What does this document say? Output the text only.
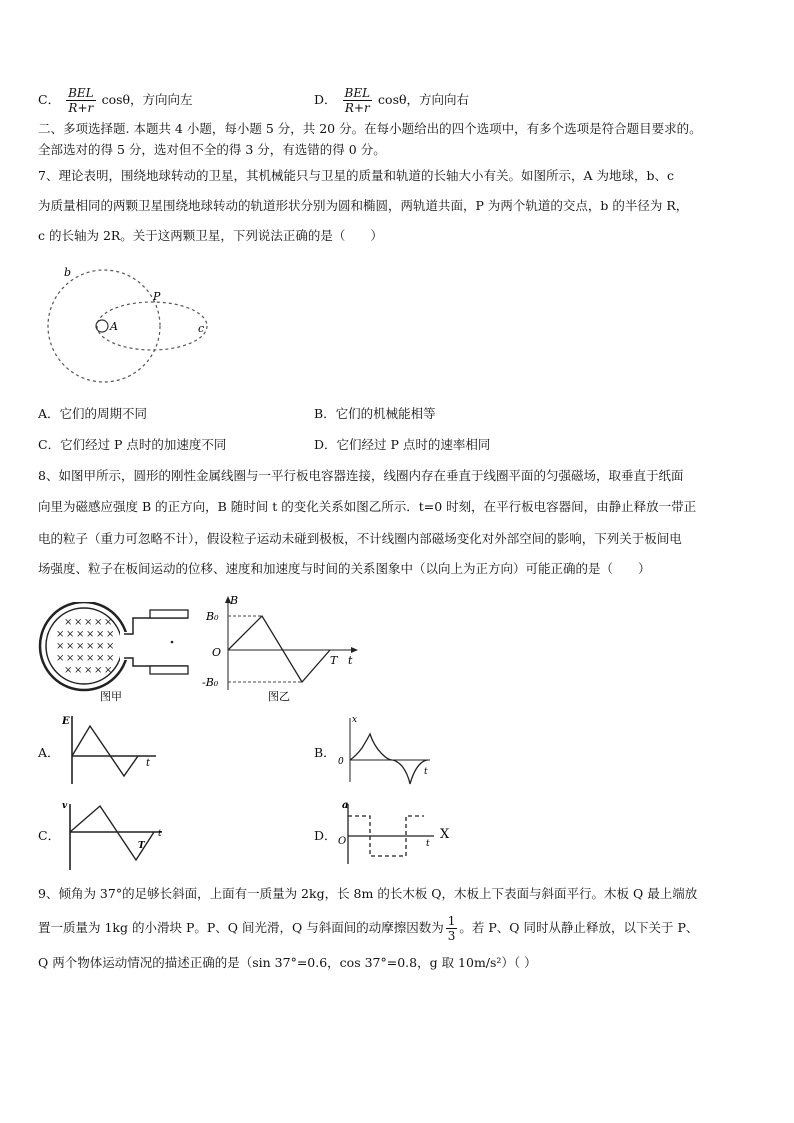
C． $\frac{\text{BEL}}{R+r}$ cosθ，方向向左	D． $\frac{\text{BEL}}{R+r}$ cosθ，方向向右
二、多项选择题. 本题共 4 小题，每小题 5 分，共 20 分。在每小题给出的四个选项中，有多个选项是符合题目要求的。
全部选对的得 5 分，选对但不全的得 3 分，有选错的得 0 分。
7、理论表明，围绕地球转动的卫星，其机械能只与卫星的质量和轨道的长轴大小有关。如图所示，A 为地球，b、c
为质量相同的两颗卫星围绕地球转动的轨道形状分别为圆和椭圆，两轨道共面，P 为两个轨道的交点，b 的半径为 R，
c 的长轴为 2R。关于这两颗卫星，下列说法正确的是（　　）
b
P
A	c
A．它们的周期不同	B．它们的机械能相等
C．它们经过 P 点时的加速度不同	D．它们经过 P 点时的速率相同
8、如图甲所示，圆形的刚性金属线圈与一平行板电容器连接，线圈内存在垂直于线圈平面的匀强磁场，取垂直于纸面
向里为磁感应强度 B 的正方向，B 随时间 t 的变化关系如图乙所示．t=0 时刻，在平行板电容器间，由静止释放一带正
电的粒子（重力可忽略不计），假设粒子运动未碰到极板，不计线圈内部磁场变化对外部空间的影响，下列关于板间电
场强度、粒子在板间运动的位移、速度和加速度与时间的关系图象中（以向上为正方向）可能正确的是（　　）
× × × × ×
× × × × × ×
× × × × × ×
× × × × × ×
× × × × ×
图甲
B
B₀
O
-B₀
T t
图乙
A．
E
t
B．
x
0
t
C．
v
t
T
D．
a
O	t
X
9、倾角为 37°的足够长斜面，上面有一质量为 2kg，长 8m 的长木板 Q，木板上下表面与斜面平行。木板 Q 最上端放
置一质量为 1kg 的小滑块 P。P、Q 间光滑，Q 与斜面间的动摩擦因数为 $\frac{1}{3}$ 。若 P、Q 同时从静止释放，以下关于 P、
Q 两个物体运动情况的描述正确的是（sin 37°=0.6，cos 37°=0.8，g 取 10m/s²）（ ）
